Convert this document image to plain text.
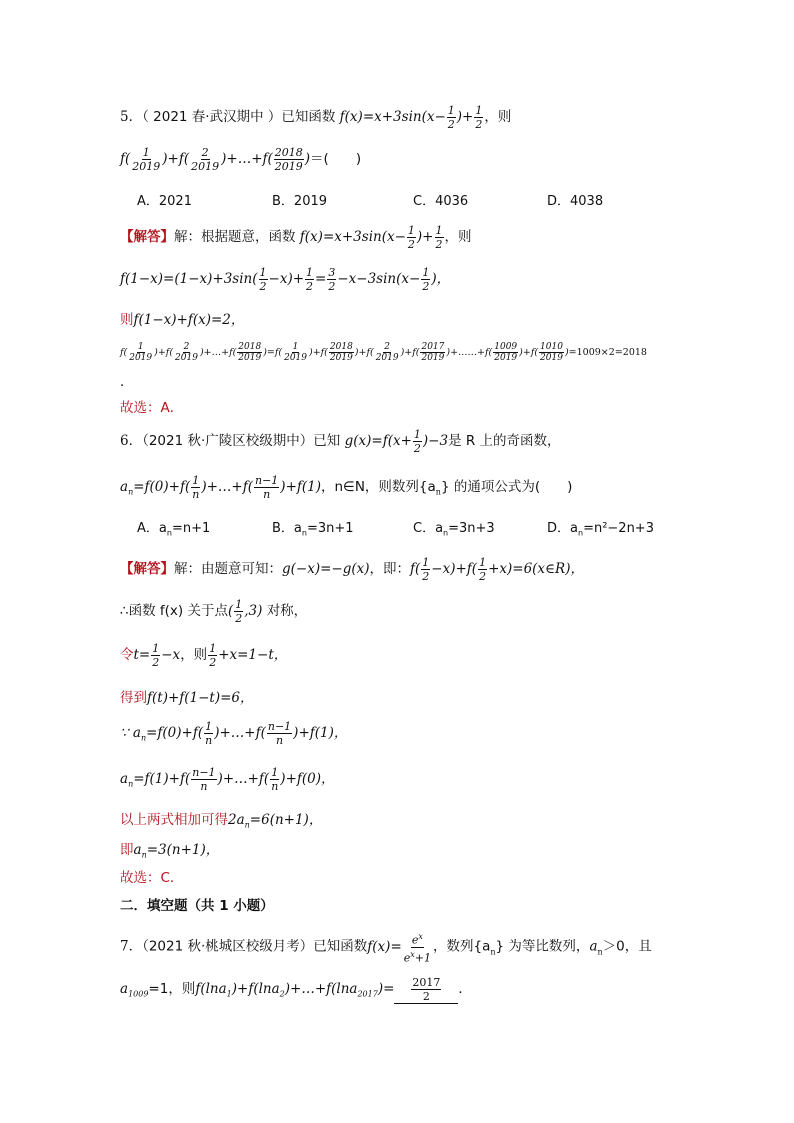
5．（ 2021 春·武汉期中 ）已知函数 $f(x)=x+3\sin(x- \frac{1}{2}$ )+ $\frac{1}{2}$ ，则
$f( \frac{1}{2019} )+f( \frac{2}{2019}$ )+…+f( $\frac{2018}{2019}$ )＝(　　)
A．2021	B．2019	C．4036	D．4038
【解答】解：根据题意，函数 $f(x)=x+3\sin(x- \frac{1}{2}$ )+ $\frac{1}{2}$ ，则
$f(1-x)=(1-x)+3\sin( \frac{1}{2} -x)+ \frac{1}{2} = \frac{3}{2} -x-3\sin(x- \frac{1}{2}$ )，
则f(1−x)+f(x)=2，
$f( \frac{1}{2019} )+f( \frac{2}{2019}$ )+…+f( $\frac{2018}{2019} )=f( \frac{1}{2019} )+f( \frac{2018}{2019} )+f( \frac{2}{2019} )+f( \frac{2017}{2019}$ )+……+f( $\frac{1009}{2019} )+f( \frac{1010}{2019} )=1009\times 2=2018$
．
故选：A．
6．（2021 秋·广陵区校级期中）已知 $g(x)=f(x+ \frac{1}{2} )-3$是 R 上的奇函数，
$a_n=f(0)+f( \frac{1}{n}$ )+…+f( $\frac{n-1}{n} )+f(1)$，n∈N，则数列$\{a_n\}$ 的通项公式为(　　)
A．$a_n=n+1$	B．$a_n=3n+1$	C．$a_n=3n+3$	D．$a_n=n^2-2n+3$
【解答】解：由题意可知：g(−x)=−g(x)，即：$f( \frac{1}{2} -x)+f( \frac{1}{2}$ +x)=6(x∈R)，
∴函数 f(x) 关于点( $\frac{1}{2} ,3$) 对称，
令$t= \frac{1}{2} -x$，则 $\frac{1}{2} +x=1-t$，
得到f(t)+f(1−t)=6，
∵ $a_n=f(0)+f( \frac{1}{n}$ )+…+f( $\frac{n-1}{n} )+f(1)$，
$a_n=f(1)+f( \frac{n-1}{n}$ )+…+f( $\frac{1}{n} )+f(0)$，
以上两式相加可得$2a_n=6(n+1)$，
即$a_n=3(n+1)$，
故选：C．
二．填空题（共 1 小题）
7．（2021 秋·桃城区校级月考）已知函数$f(x)= \frac{e^x}{e^x+1}$ ，数列$\{a_n\}$ 为等比数列，$a_n>0$，且
$a_{1009}=1$，则f(lna$_1$)+f(lna$_2$)+…+f(lna$_{2017}$)= $\frac{2017}{2}$ ．
